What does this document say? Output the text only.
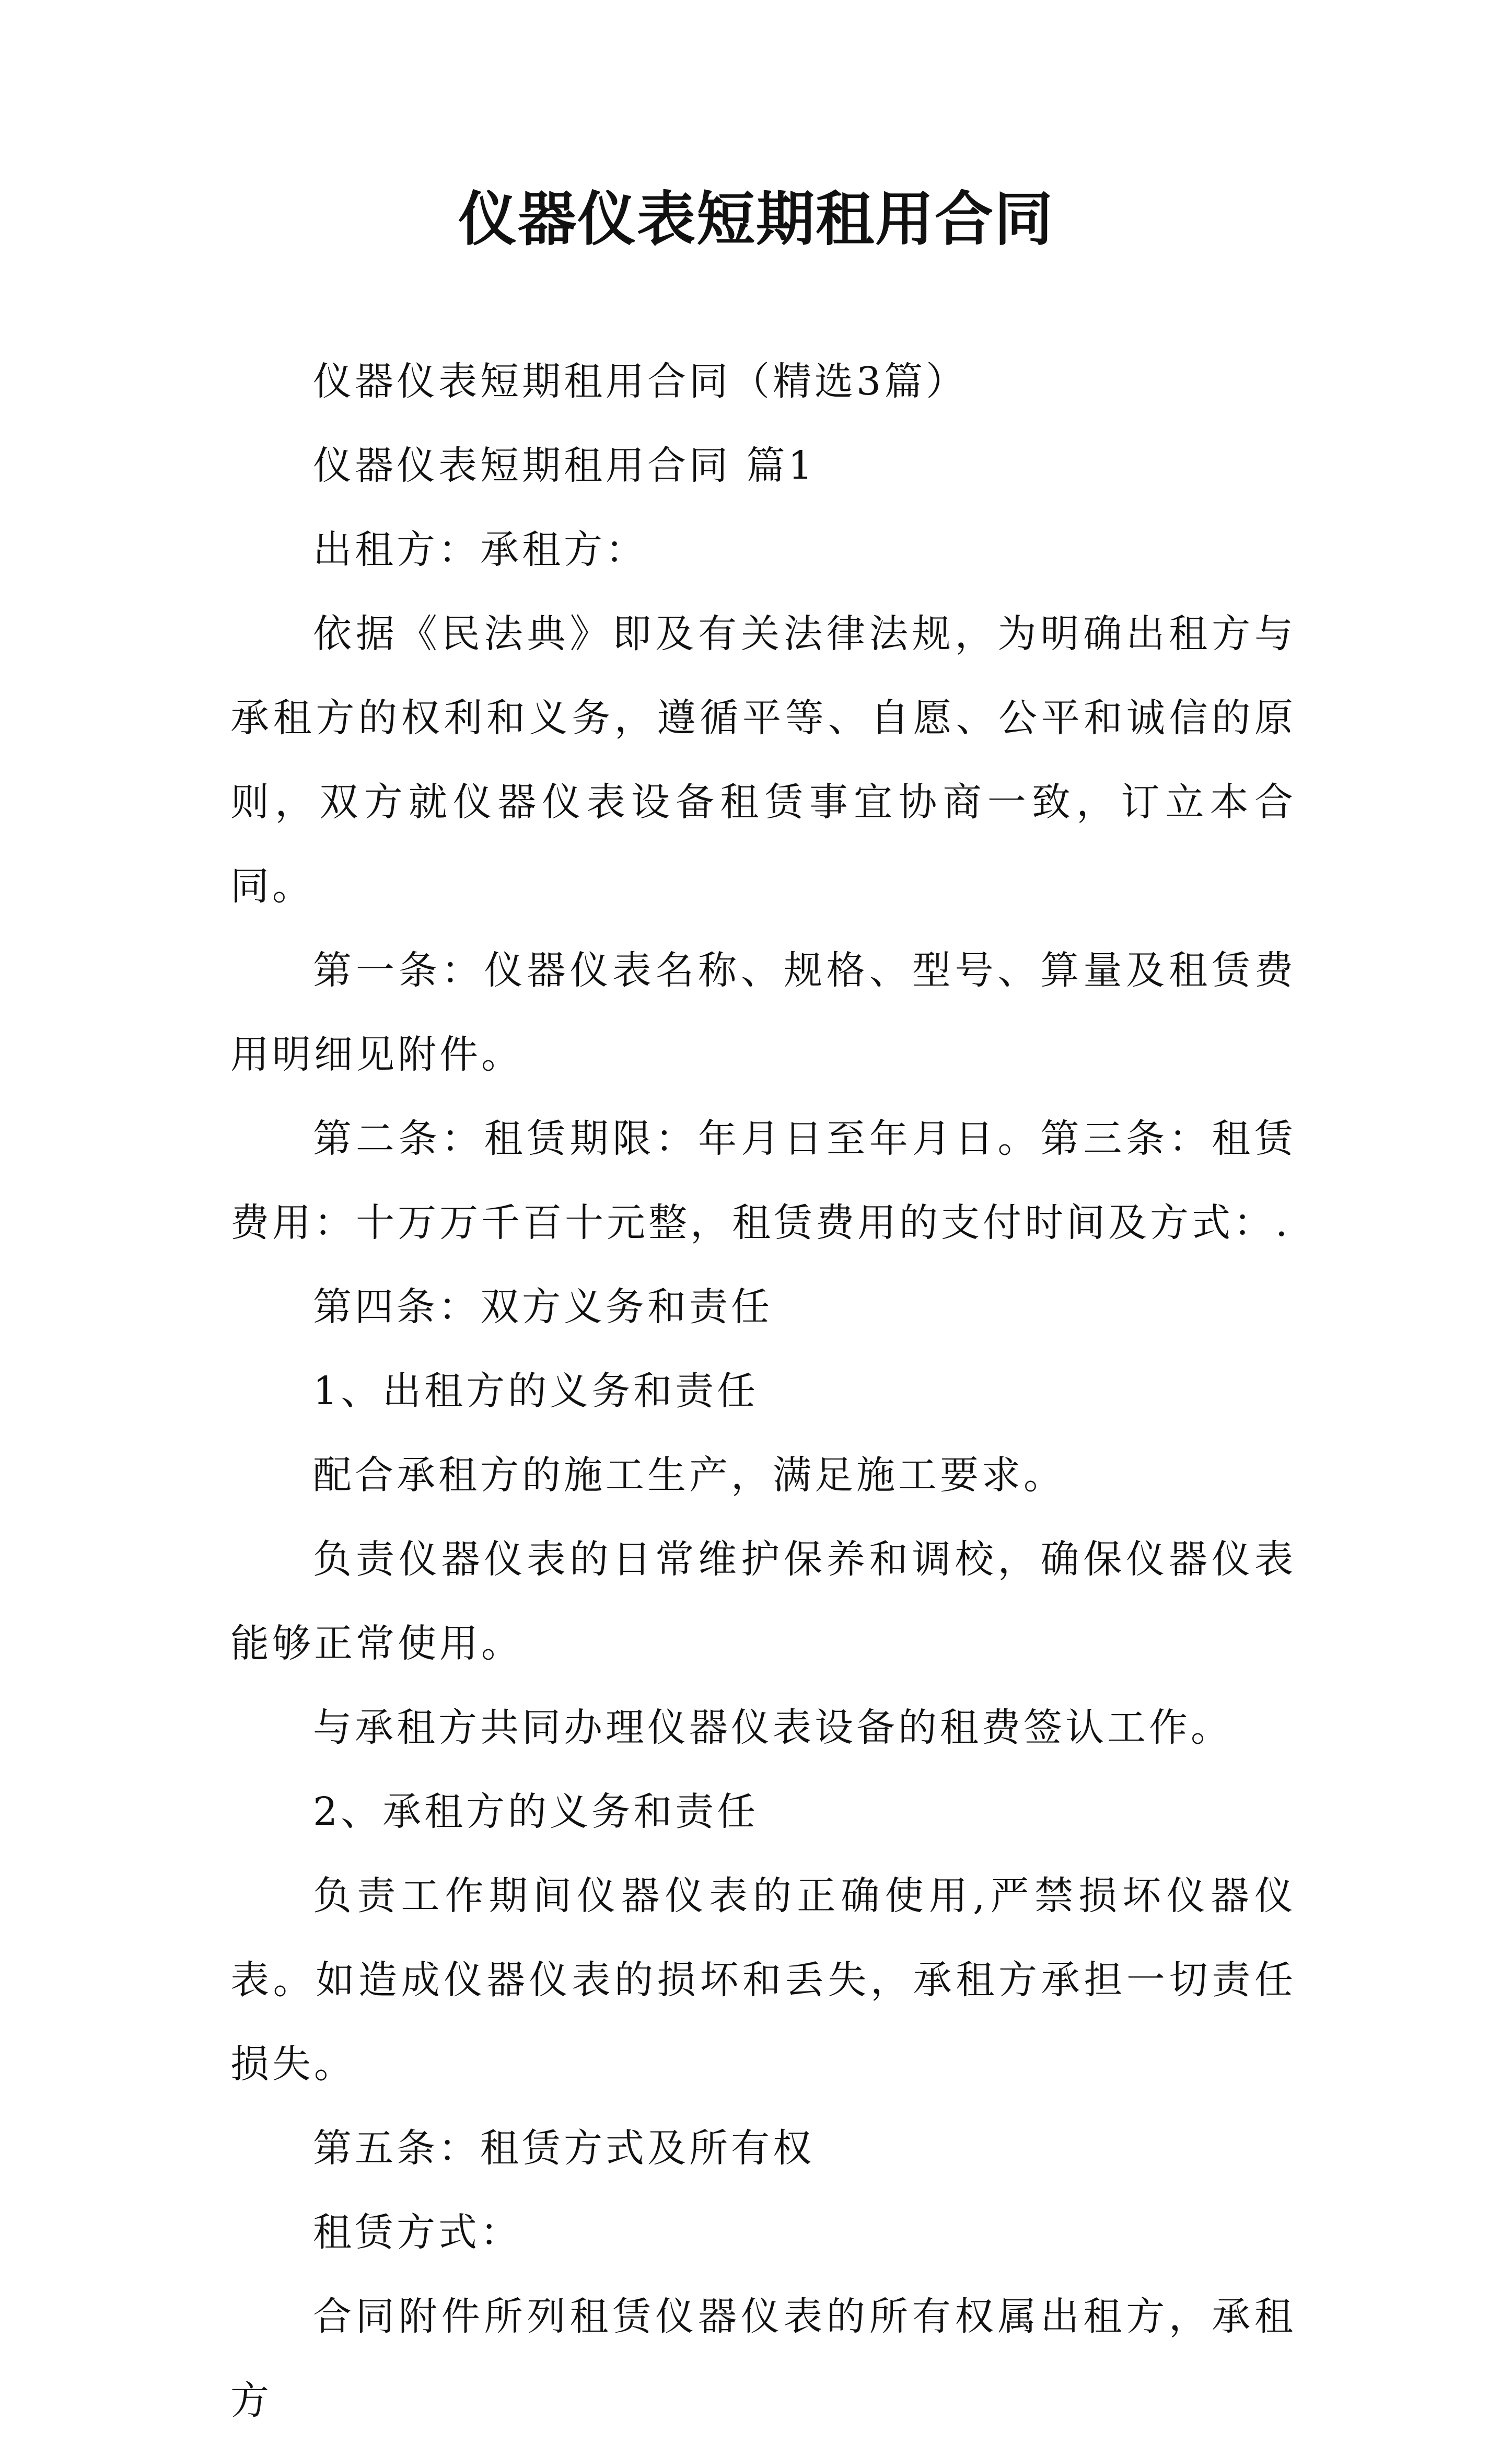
仪器仪表短期租用合同

仪器仪表短期租用合同（精选3篇）

仪器仪表短期租用合同 篇1

出租方：承租方：

依据《民法典》即及有关法律法规，为明确出租方与承租方的权利和义务，遵循平等、自愿、公平和诚信的原则，双方就仪器仪表设备租赁事宜协商一致，订立本合同。

第一条：仪器仪表名称、规格、型号、算量及租赁费用明细见附件。

第二条：租赁期限：年月日至年月日。第三条：租赁费用：十万万千百十元整，租赁费用的支付时间及方式：.

第四条：双方义务和责任

1、出租方的义务和责任

配合承租方的施工生产，满足施工要求。

负责仪器仪表的日常维护保养和调校，确保仪器仪表能够正常使用。

与承租方共同办理仪器仪表设备的租费签认工作。

2、承租方的义务和责任

负责工作期间仪器仪表的正确使用,严禁损坏仪器仪表。如造成仪器仪表的损坏和丢失，承租方承担一切责任损失。

第五条：租赁方式及所有权

租赁方式：

合同附件所列租赁仪器仪表的所有权属出租方，承租方
